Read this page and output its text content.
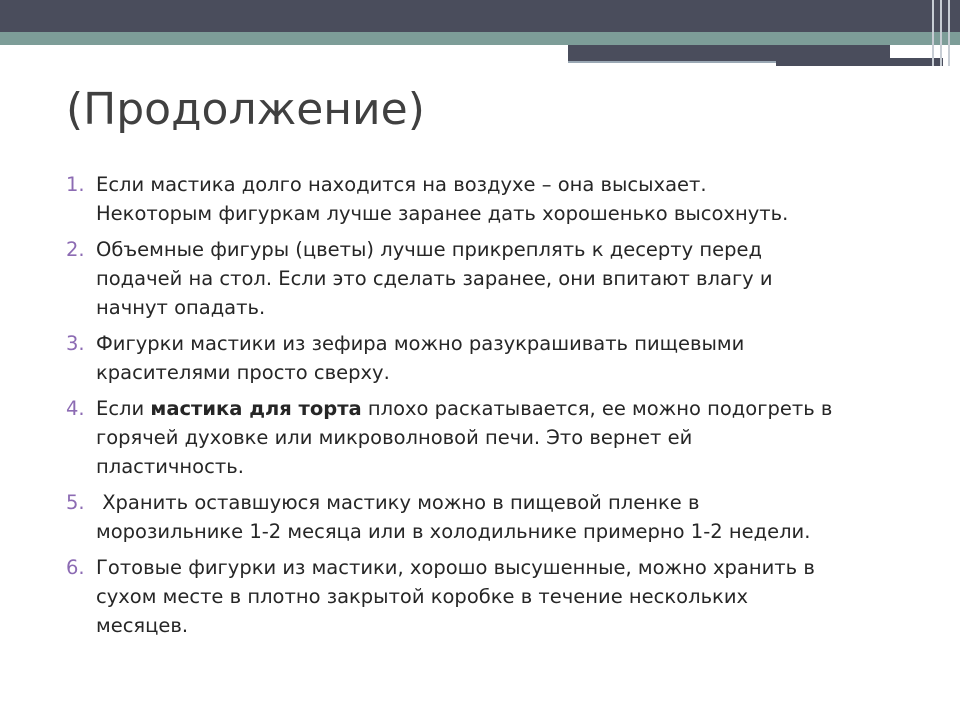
(Продолжение)
1. Если мастика долго находится на воздухе – она высыхает.
Некоторым фигуркам лучше заранее дать хорошенько высохнуть.
2. Объемные фигуры (цветы) лучше прикреплять к десерту перед
подачей на стол. Если это сделать заранее, они впитают влагу и
начнут опадать.
3. Фигурки мастики из зефира можно разукрашивать пищевыми
красителями просто сверху.
4. Если мастика для торта плохо раскатывается, ее можно подогреть в
горячей духовке или микроволновой печи. Это вернет ей
пластичность.
5. Хранить оставшуюся мастику можно в пищевой пленке в
морозильнике 1-2 месяца или в холодильнике примерно 1-2 недели.
6. Готовые фигурки из мастики, хорошо высушенные, можно хранить в
сухом месте в плотно закрытой коробке в течение нескольких
месяцев.
